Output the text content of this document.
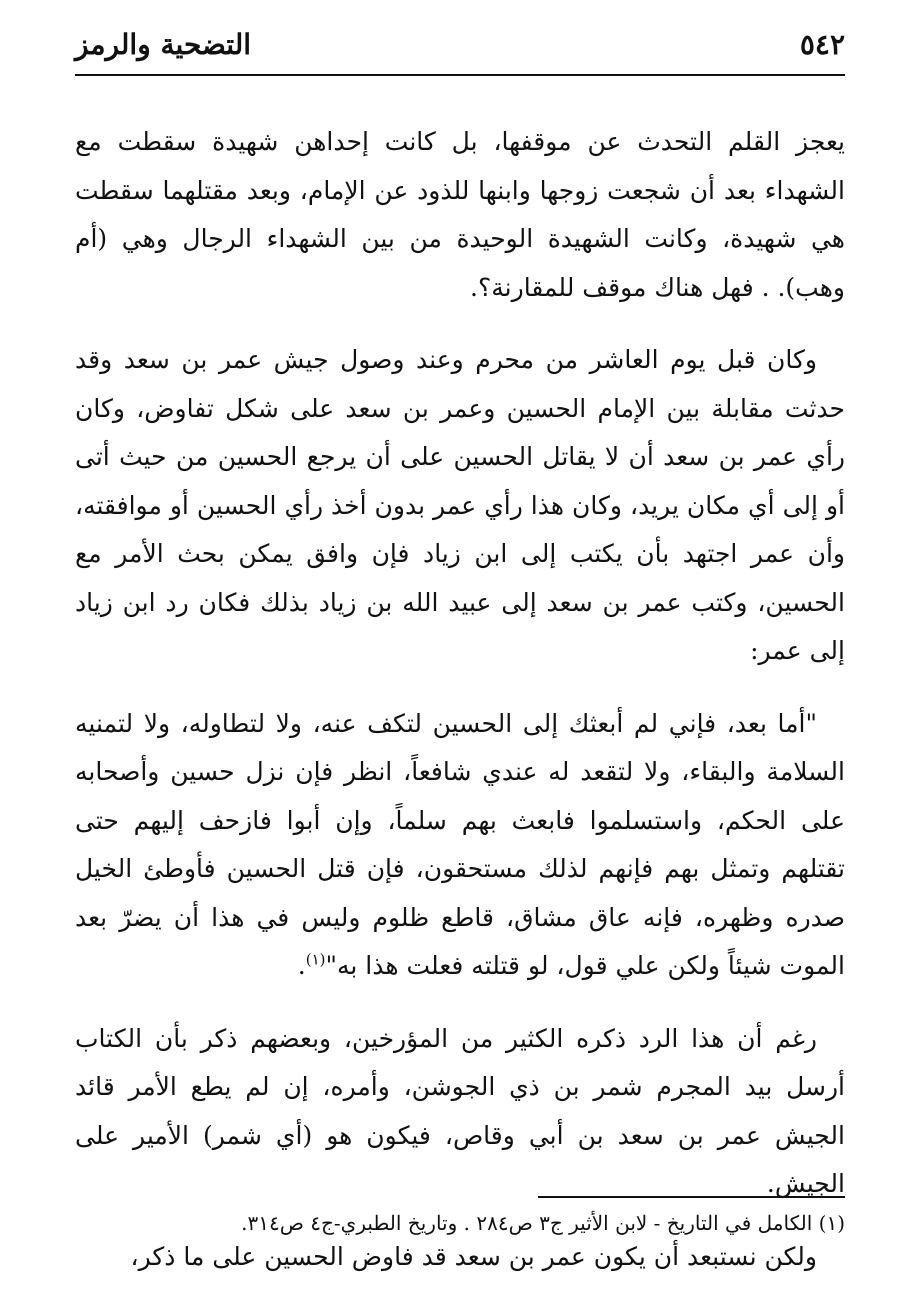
٥٤٢
التضحية والرمز

يعجز القلم التحدث عن موقفها، بل كانت إحداهن شهيدة سقطت مع الشهداء بعد أن شجعت زوجها وابنها للذود عن الإمام، وبعد مقتلهما سقطت هي شهيدة، وكانت الشهيدة الوحيدة من بين الشهداء الرجال وهي (أم وهب). . فهل هناك موقف للمقارنة؟.

وكان قبل يوم العاشر من محرم وعند وصول جيش عمر بن سعد وقد حدثت مقابلة بين الإمام الحسين وعمر بن سعد على شكل تفاوض، وكان رأي عمر بن سعد أن لا يقاتل الحسين على أن يرجع الحسين من حيث أتى أو إلى أي مكان يريد، وكان هذا رأي عمر بدون أخذ رأي الحسين أو موافقته، وأن عمر اجتهد بأن يكتب إلى ابن زياد فإن وافق يمكن بحث الأمر مع الحسين، وكتب عمر بن سعد إلى عبيد الله بن زياد بذلك فكان رد ابن زياد إلى عمر:

"أما بعد، فإني لم أبعثك إلى الحسين لتكف عنه، ولا لتطاوله، ولا لتمنيه السلامة والبقاء، ولا لتقعد له عندي شافعاً، انظر فإن نزل حسين وأصحابه على الحكم، واستسلموا فابعث بهم سلماً، وإن أبوا فازحف إليهم حتى تقتلهم وتمثل بهم فإنهم لذلك مستحقون، فإن قتل الحسين فأوطئ الخيل صدره وظهره، فإنه عاق مشاق، قاطع ظلوم وليس في هذا أن يضرّ بعد الموت شيئاً ولكن علي قول، لو قتلته فعلت هذا به"$^{(١)}$.

رغم أن هذا الرد ذكره الكثير من المؤرخين، وبعضهم ذكر بأن الكتاب أرسل بيد المجرم شمر بن ذي الجوشن، وأمره، إن لم يطع الأمر قائد الجيش عمر بن سعد بن أبي وقاص، فيكون هو (أي شمر) الأمير على الجيش.

ولكن نستبعد أن يكون عمر بن سعد قد فاوض الحسين على ما ذكر،

(١) الكامل في التاريخ - لابن الأثير ج٣ ص٢٨٤ . وتاريخ الطبري-ج٤ ص٣١٤.
